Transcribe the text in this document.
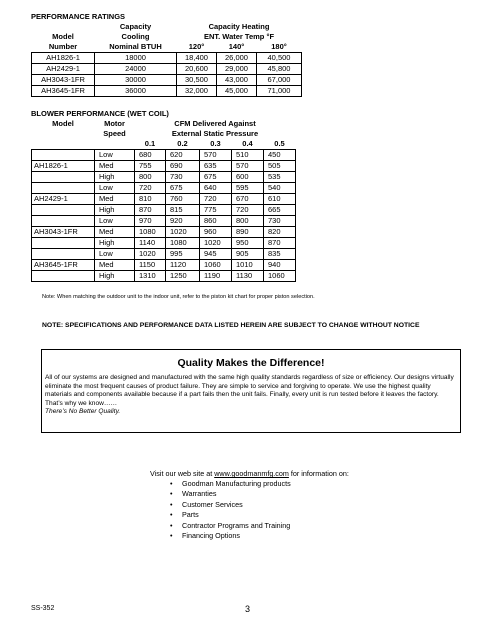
PERFORMANCE RATINGS
	Capacity	Capacity Heating		
Model	Cooling	ENT. Water Temp °F		
Number	Nominal BTUH	120°	140°	180°
AH1826-1	18000	18,400	26,000	40,500
AH2429-1	24000	20,600	29,000	45,800
AH3043-1FR	30000	30,500	43,000	67,000
AH3645-1FR	36000	32,000	45,000	71,000
BLOWER PERFORMANCE (WET COIL)
Model	Motor	CFM Delivered Against				
	Speed	External Static Pressure				
		0.1	0.2	0.3	0.4	0.5
	Low	680	620	570	510	450
AH1826-1	Med	755	690	635	570	505
	High	800	730	675	600	535
	Low	720	675	640	595	540
AH2429-1	Med	810	760	720	670	610
	High	870	815	775	720	665
	Low	970	920	860	800	730
AH3043-1FR	Med	1080	1020	960	890	820
	High	1140	1080	1020	950	870
	Low	1020	995	945	905	835
AH3645-1FR	Med	1150	1120	1060	1010	940
	High	1310	1250	1190	1130	1060
Note: When matching the outdoor unit to the indoor unit, refer to the piston kit chart for proper piston selection.
NOTE: SPECIFICATIONS AND PERFORMANCE DATA LISTED HEREIN ARE SUBJECT TO CHANGE WITHOUT NOTICE
Quality Makes the Difference!
All of our systems are designed and manufactured with the same high quality standards regardless of size or efficiency. Our designs virtually eliminate the most frequent causes of product failure. They are simple to service and forgiving to operate. We use the highest quality materials and components available because if a part fails then the unit fails. Finally, every unit is run tested before it leaves the factory. That’s why we know……
There’s No Better Quality.
Visit our web site at www.goodmanmfg.com for information on:
• Goodman Manufacturing products
• Warranties
• Customer Services
• Parts
• Contractor Programs and Training
• Financing Options
SS-352	3
